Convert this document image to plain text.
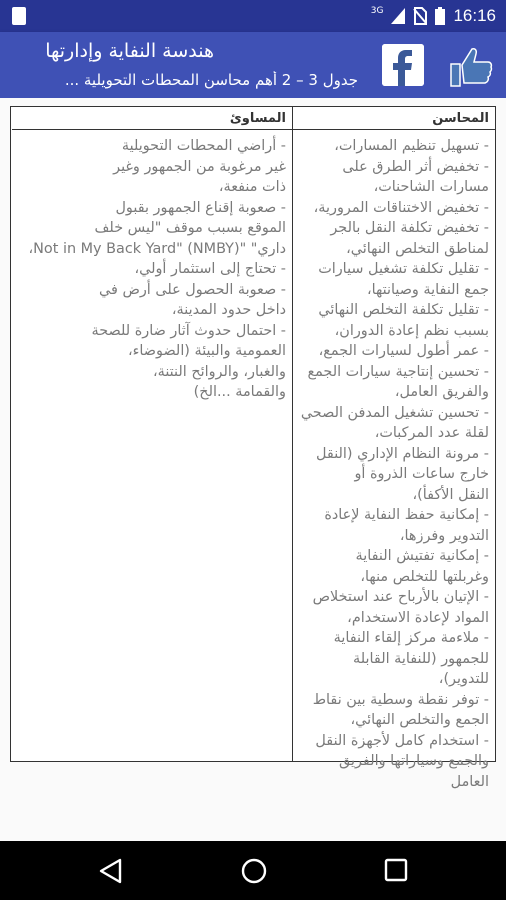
3G	16:16
هندسة النفاية وإدارتها
جدول 3 – 2 أهم محاسن المحطات التحويلية ...
المحاسن
- تسهيل تنظيم المسارات،
- تخفيض أثر الطرق على
مسارات الشاحنات،
- تخفيض الاختناقات المرورية،
- تخفيض تكلفة النقل بالجر
لمناطق التخلص النهائي،
- تقليل تكلفة تشغيل سيارات
جمع النفاية وصيانتها،
- تقليل تكلفة التخلص النهائي
بسبب نظم إعادة الدوران،
- عمر أطول لسيارات الجمع،
- تحسين إنتاجية سيارات الجمع
والفريق العامل،
- تحسين تشغيل المدفن الصحي
لقلة عدد المركبات،
- مرونة النظام الإداري (النقل
خارج ساعات الذروة أو
النقل الأكفأ)،
- إمكانية حفظ النفاية لإعادة
التدوير وفرزها،
- إمكانية تفتيش النفاية
وغربلتها للتخلص منها،
- الإتيان بالأرباح عند استخلاص
المواد لإعادة الاستخدام،
- ملاءمة مركز إلقاء النفاية
للجمهور (للنفاية القابلة
للتدوير)،
- توفر نقطة وسطية بين نقاط
الجمع والتخلص النهائي،
- استخدام كامل لأجهزة النقل
والجمع وسياراتها والفريق العامل
المساوئ
- أراضي المحطات التحويلية
غير مرغوبة من الجمهور وغير
ذات منفعة،
- صعوبة إقناع الجمهور بقبول
الموقع بسبب موقف "ليس خلف
داري" "Not in My Back Yard" (NMBY)،
- تحتاج إلى استثمار أولي،
- صعوبة الحصول على أرض في
داخل حدود المدينة،
- احتمال حدوث آثار ضارة للصحة
العمومية والبيئة (الضوضاء،
والغبار، والروائح النتنة،
والقمامة ...الخ)
